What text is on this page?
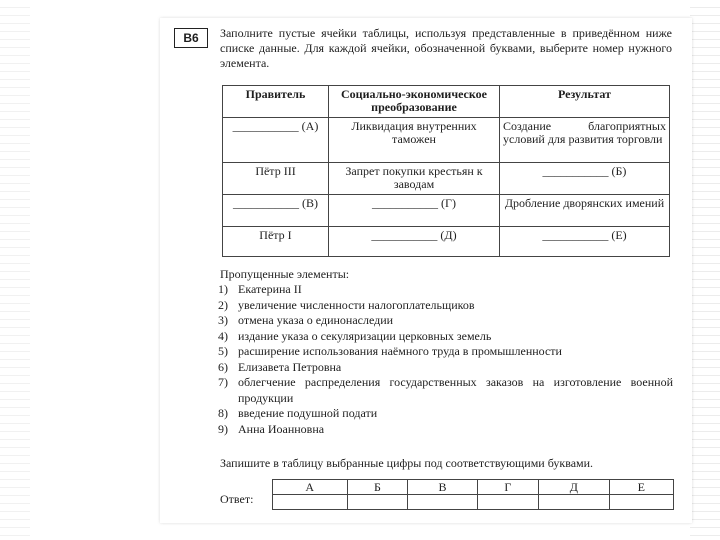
В6	Заполните пустые ячейки таблицы, используя представленные в приведённом ниже списке данные. Для каждой ячейки, обозначенной буквами, выберите номер нужного элемента.
Правитель	Социально-экономическое преобразование	Результат
___________ (А)	Ликвидация внутренних таможен	Создание благоприятных условий для развития торговли
Пётр III	Запрет покупки крестьян к заводам	___________ (Б)
___________ (В)	___________ (Г)	Дробление дворянских имений
Пётр I	___________ (Д)	___________ (Е)
Пропущенные элементы:
1) Екатерина II
2) увеличение численности налогоплательщиков
3) отмена указа о единонаследии
4) издание указа о секуляризации церковных земель
5) расширение использования наёмного труда в промышленности
6) Елизавета Петровна
7) облегчение распределения государственных заказов на изготовление военной продукции
8) введение подушной подати
9) Анна Иоанновна
Запишите в таблицу выбранные цифры под соответствующими буквами.
Ответ:
А	Б	В	Г	Д	Е
